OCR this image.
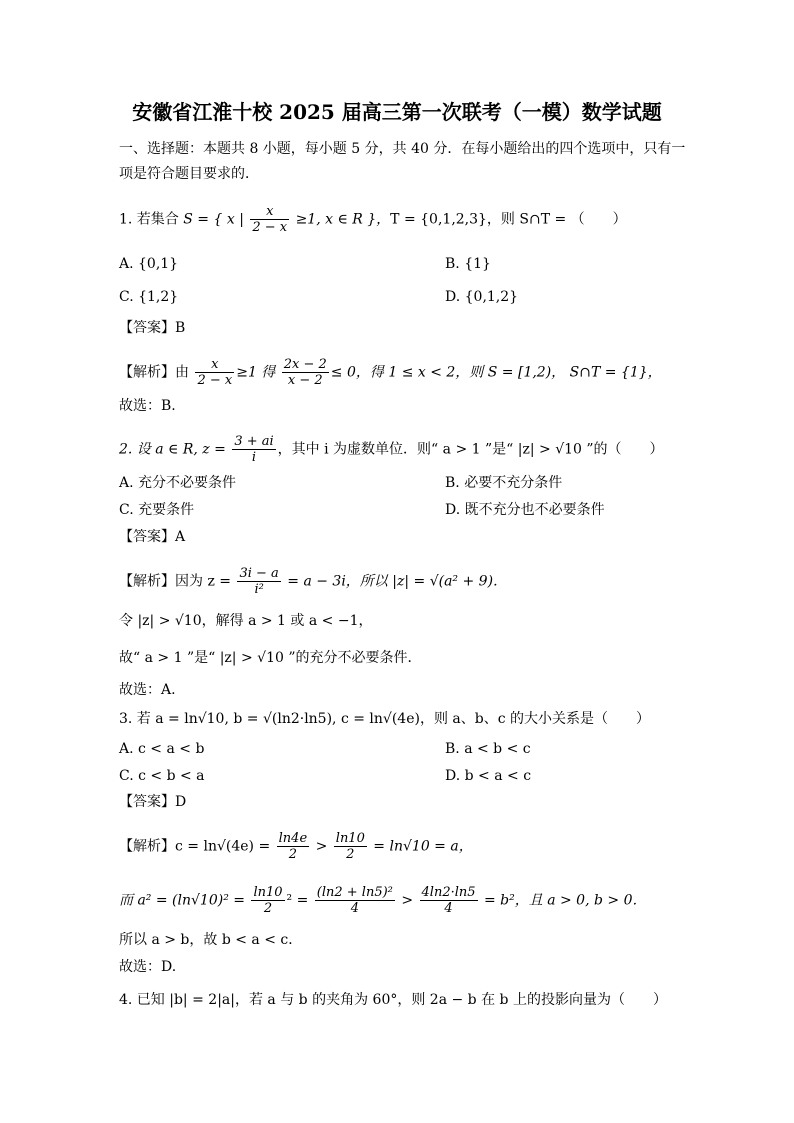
安徽省江淮十校 2025 届高三第一次联考（一模）数学试题
一、选择题：本题共 8 小题，每小题 5 分，共 40 分．在每小题给出的四个选项中，只有一
项是符合题目要求的．
1. 若集合 S = { x | $\frac{x}{2 - x} \ge 1$, x ∈ R }，T = {0,1,2,3}，则 S∩T = （　　）
A. {0,1}	B. {1}
C. {1,2}	D. {0,1,2}
【答案】B
【解析】由 $\frac{x}{2 - x} \ge 1$ 得 $\frac{2x - 2}{x - 2} \le 0$，得 1 ≤ x < 2，则 S = [1,2)， S∩T = {1}，
故选：B.
2. 设 a ∈ R, $z = \frac{3 + ai}{i}$ ，其中 i 为虚数单位．则“ a > 1 ”是“ |z| > √10 ”的（　　）
A. 充分不必要条件	B. 必要不充分条件
C. 充要条件	D. 既不充分也不必要条件
【答案】A
【解析】因为 $z = \frac{3i - a}{\text{i²}} = a - 3i$，所以 |z| = √(a² + 9)．
令 |z| > √10，解得 a > 1 或 a < −1，
故“ a > 1 ”是“ |z| > √10 ”的充分不必要条件．
故选：A.
3. 若 a = ln√10, b = √(ln2·ln5), c = ln√(4e)，则 a、b、c 的大小关系是（　　）
A. c < a < b	B. a < b < c
C. c < b < a	D. b < a < c
【答案】D
【解析】$c = \ln√(4e) = \frac{\ln 4e}{2} > \frac{\ln 10}{2} = \ln√10 = a$，
而 $a^2 = (\ln√10)^2 = \frac{\ln 10}{2} ^2 = \frac{\text{(ln2 + ln5)²}}{4} > \frac{4\ln 2\cdot\ln 5}{4} = b^2$，且 a > 0, b > 0．
所以 a > b，故 b < a < c．
故选：D.
4. 已知 |b| = 2|a|，若 a 与 b 的夹角为 60°，则 2a − b 在 b 上的投影向量为（　　）
